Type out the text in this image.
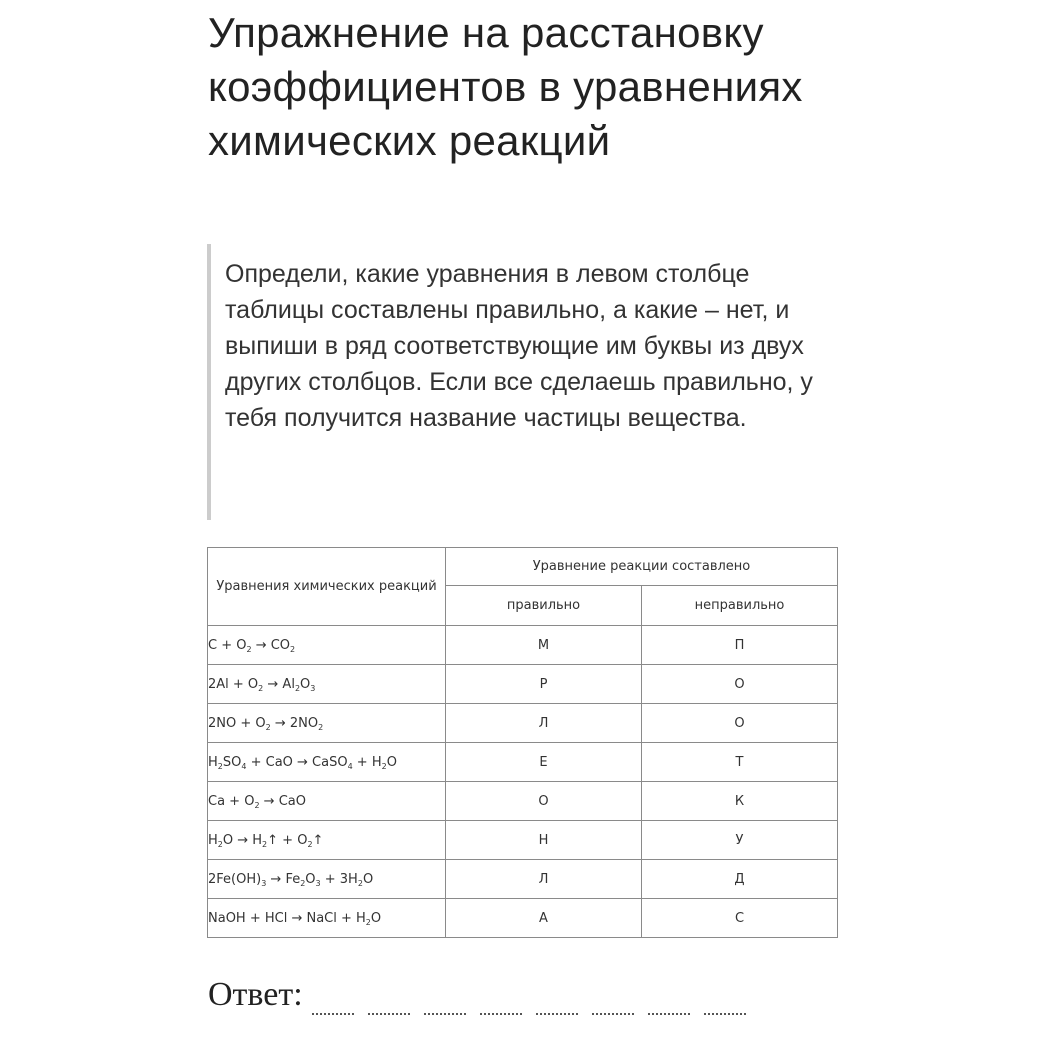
Упражнение на расстановку коэффициентов в уравнениях химических реакций

Определи, какие уравнения в левом столбце таблицы составлены правильно, а какие – нет, и выпиши в ряд соответствующие им буквы из двух других столбцов. Если все сделаешь правильно, у тебя получится название частицы вещества.

Уравнения химических реакций	Уравнение реакции составлено	
	правильно	неправильно
$C + O_2 \to CO_2$	М	П
$2Al + O_2 \to Al_2O_3$	Р	О
$2NO + O_2 \to 2NO_2$	Л	О
$H_2SO_4$ + CaO → CaSO$_4$ + $H_2O$	Е	Т
$Ca + O_2$ → CaO	О	К
$H_2O$ → $H_2↑$ + $O_2↑$	Н	У
$2Fe(OH)_3 \to Fe_2O_3 + 3H_2O$	Л	Д
NaOH + HCl → NaCl + $H_2O$	А	С
Ответ:
